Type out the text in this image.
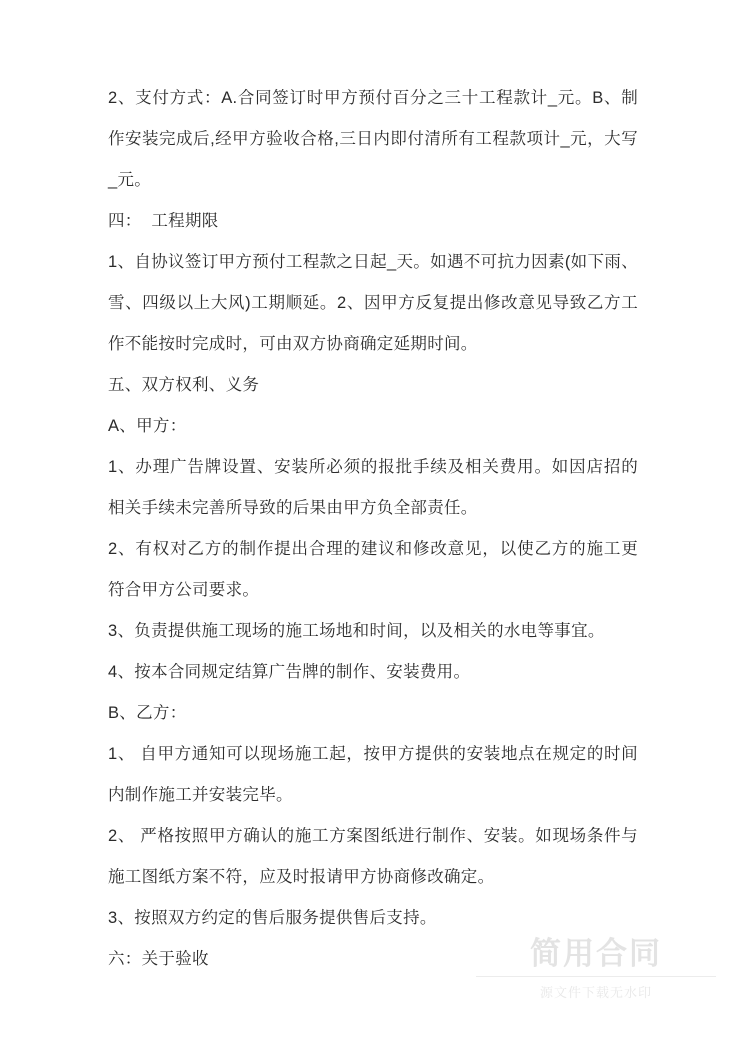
2、支付方式：A.合同签订时甲方预付百分之三十工程款计_元。B、制作安装完成后,经甲方验收合格,三日内即付清所有工程款项计_元，大写_元。

四：  工程期限

1、自协议签订甲方预付工程款之日起_天。如遇不可抗力因素(如下雨、雪、四级以上大风)工期顺延。2、因甲方反复提出修改意见导致乙方工作不能按时完成时，可由双方协商确定延期时间。

五、双方权利、义务

A、甲方：

1、办理广告牌设置、安装所必须的报批手续及相关费用。如因店招的相关手续未完善所导致的后果由甲方负全部责任。

2、有权对乙方的制作提出合理的建议和修改意见，以使乙方的施工更符合甲方公司要求。

3、负责提供施工现场的施工场地和时间，以及相关的水电等事宜。

4、按本合同规定结算广告牌的制作、安装费用。

B、乙方：

1、 自甲方通知可以现场施工起，按甲方提供的安装地点在规定的时间内制作施工并安装完毕。

2、 严格按照甲方确认的施工方案图纸进行制作、安装。如现场条件与施工图纸方案不符，应及时报请甲方协商修改确定。

3、按照双方约定的售后服务提供售后支持。

六：关于验收	简用合同
源文件下载无水印
